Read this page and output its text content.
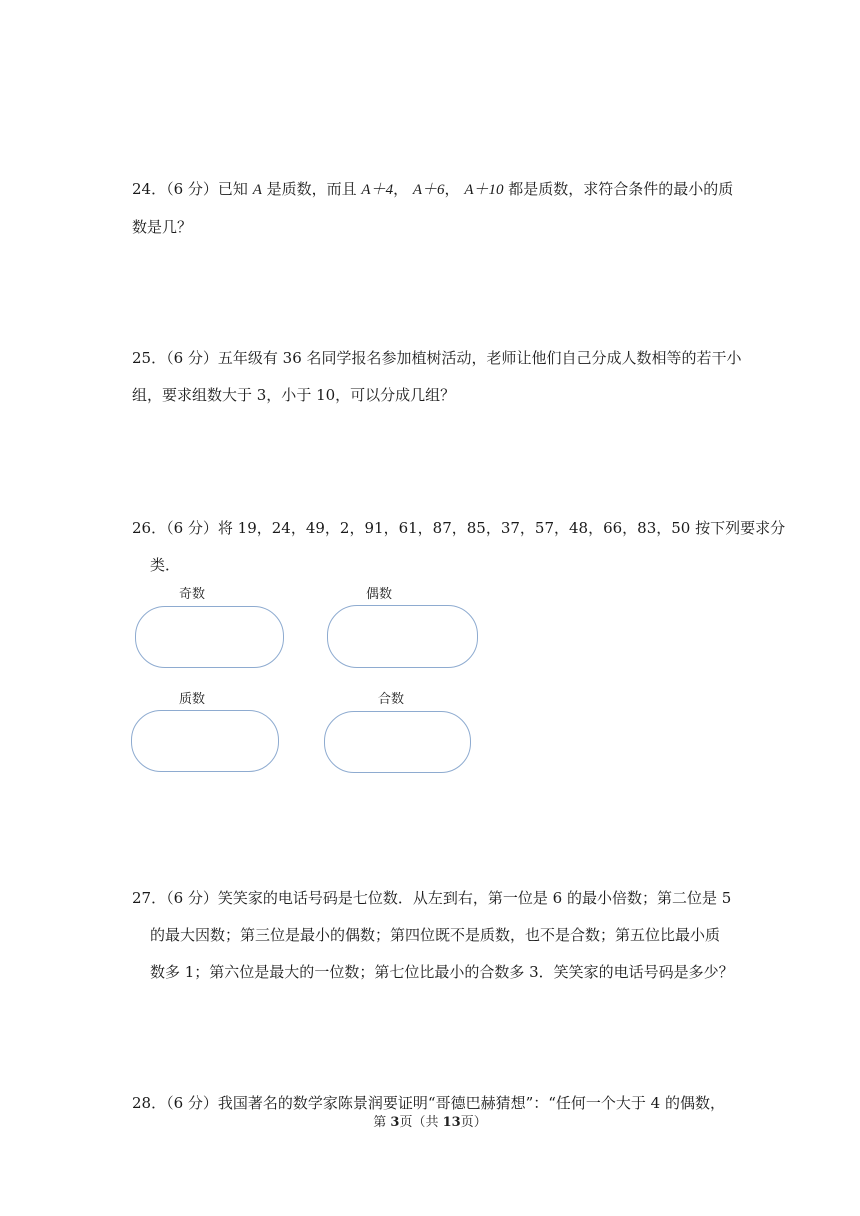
24．（6 分）已知 A 是质数，而且 A＋4， A＋6， A＋10 都是质数，求符合条件的最小的质
数是几？
25．（6 分）五年级有 36 名同学报名参加植树活动，老师让他们自己分成人数相等的若干小
组，要求组数大于 3，小于 10，可以分成几组？
26．（6 分）将 19，24，49，2，91，61，87，85，37，57，48，66，83，50 按下列要求分
类．
奇数	偶数
质数	合数
27．（6 分）笑笑家的电话号码是七位数．从左到右，第一位是 6 的最小倍数；第二位是 5
的最大因数；第三位是最小的偶数；第四位既不是质数，也不是合数；第五位比最小质
数多 1；第六位是最大的一位数；第七位比最小的合数多 3．笑笑家的电话号码是多少？
28．（6 分）我国著名的数学家陈景润要证明“哥德巴赫猜想”：“任何一个大于 4 的偶数，
第 3页（共 13页）
